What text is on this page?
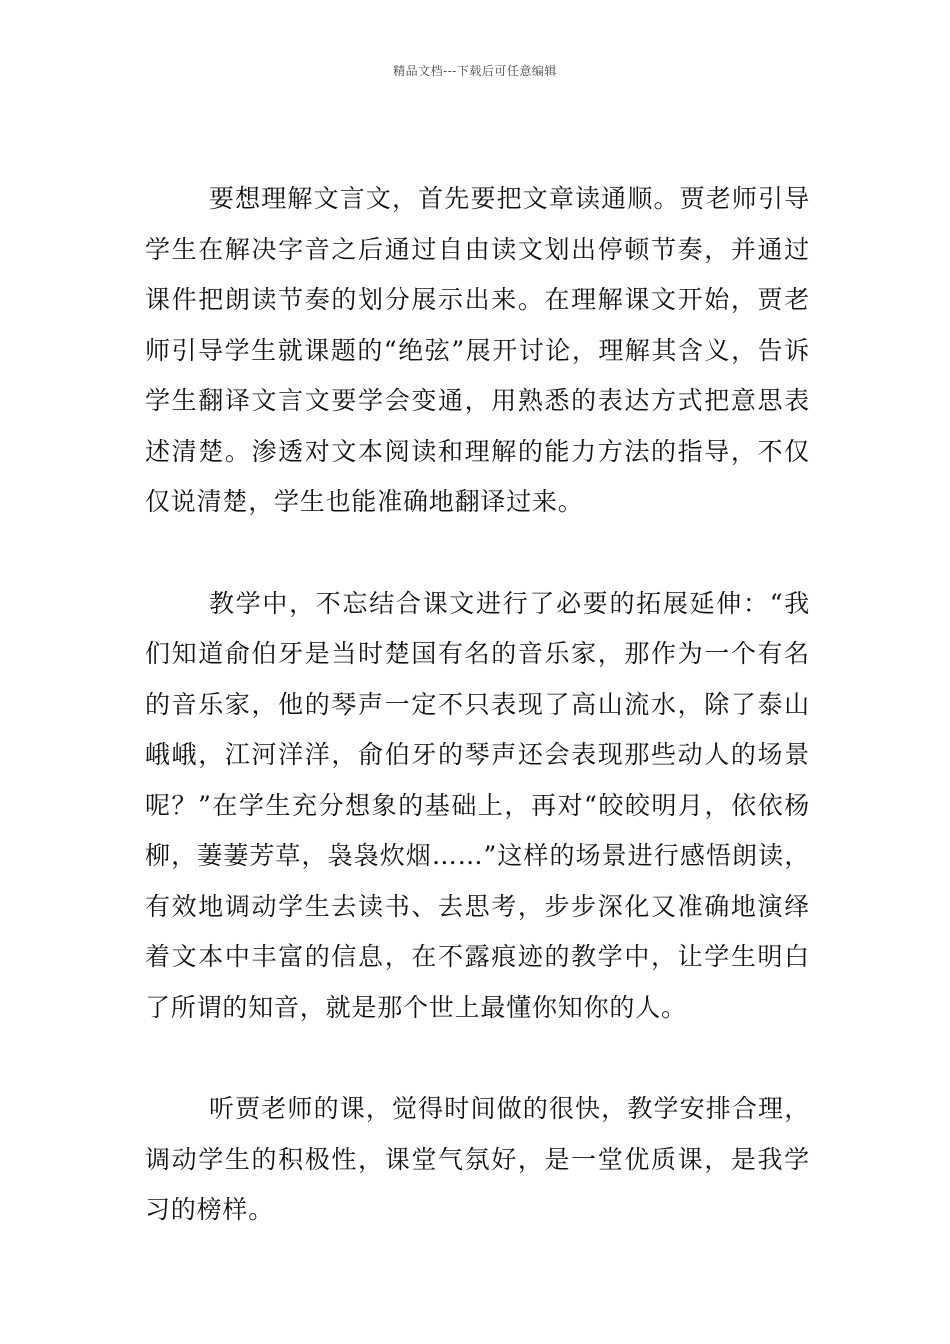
精品文档---下载后可任意编辑

要想理解文言文，首先要把文章读通顺。贾老师引导学生在解决字音之后通过自由读文划出停顿节奏，并通过课件把朗读节奏的划分展示出来。在理解课文开始，贾老师引导学生就课题的“绝弦”展开讨论，理解其含义，告诉学生翻译文言文要学会变通，用熟悉的表达方式把意思表述清楚。渗透对文本阅读和理解的能力方法的指导，不仅仅说清楚，学生也能准确地翻译过来。

教学中，不忘结合课文进行了必要的拓展延伸：“我们知道俞伯牙是当时楚国有名的音乐家，那作为一个有名的音乐家，他的琴声一定不只表现了高山流水，除了泰山峨峨，江河洋洋，俞伯牙的琴声还会表现那些动人的场景呢？”在学生充分想象的基础上，再对“皎皎明月，依依杨柳，萋萋芳草，袅袅炊烟……”这样的场景进行感悟朗读，有效地调动学生去读书、去思考，步步深化又准确地演绎着文本中丰富的信息，在不露痕迹的教学中，让学生明白了所谓的知音，就是那个世上最懂你知你的人。

听贾老师的课，觉得时间做的很快，教学安排合理，调动学生的积极性，课堂气氛好，是一堂优质课，是我学习的榜样。
